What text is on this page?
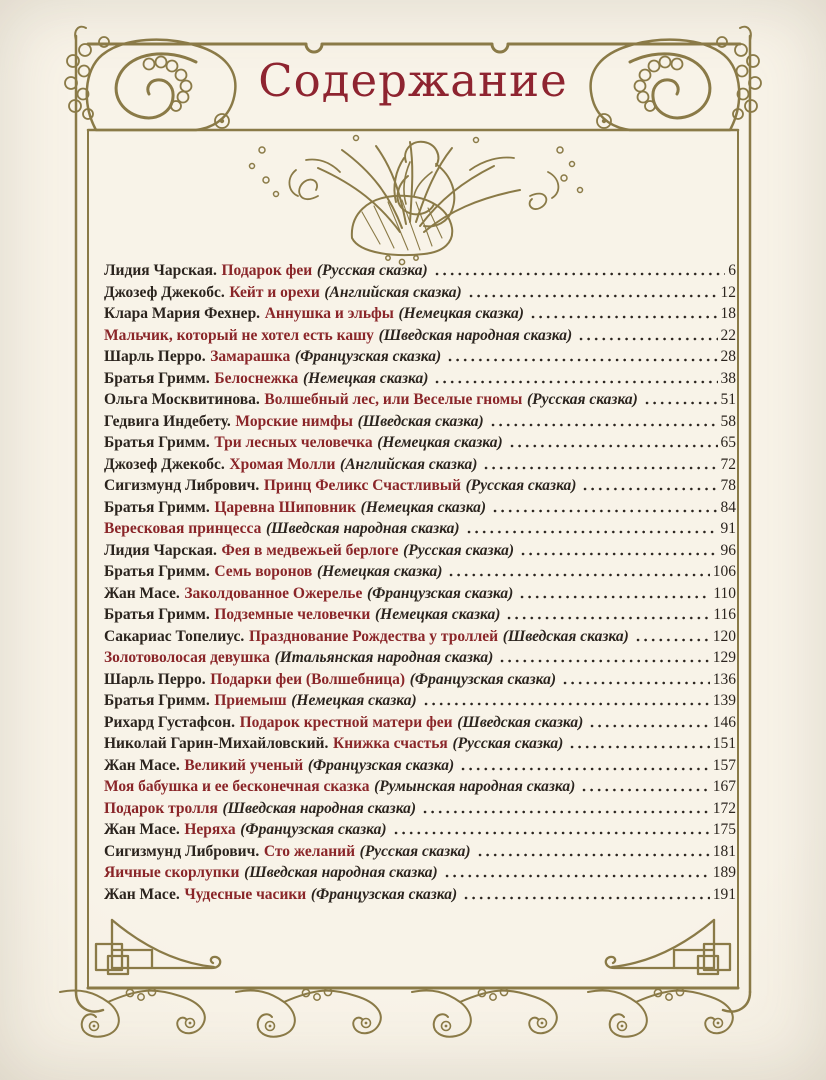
Содержание
Лидия Чарская. Подарок феи (Русская сказка)	6
Джозеф Джекобс. Кейт и орехи (Английская сказка)	12
Клара Мария Фехнер. Аннушка и эльфы (Немецкая сказка)	18
Мальчик, который не хотел есть кашу (Шведская народная сказка)	22
Шарль Перро. Замарашка (Французская сказка)	28
Братья Гримм. Белоснежка (Немецкая сказка)	38
Ольга Москвитинова. Волшебный лес, или Веселые гномы (Русская сказка)	51
Гедвига Индебету. Морские нимфы (Шведская сказка)	58
Братья Гримм. Три лесных человечка (Немецкая сказка)	65
Джозеф Джекобс. Хромая Молли (Английская сказка)	72
Сигизмунд Либрович. Принц Феликс Счастливый (Русская сказка)	78
Братья Гримм. Царевна Шиповник (Немецкая сказка)	84
Вересковая принцесса (Шведская народная сказка)	91
Лидия Чарская. Фея в медвежьей берлоге (Русская сказка)	96
Братья Гримм. Семь воронов (Немецкая сказка)	106
Жан Масе. Заколдованное Ожерелье (Французская сказка)	110
Братья Гримм. Подземные человечки (Немецкая сказка)	116
Сакариас Топелиус. Празднование Рождества у троллей (Шведская сказка)	120
Золотоволосая девушка (Итальянская народная сказка)	129
Шарль Перро. Подарки феи (Волшебница) (Французская сказка)	136
Братья Гримм. Приемыш (Немецкая сказка)	139
Рихард Густафсон. Подарок крестной матери феи (Шведская сказка)	146
Николай Гарин-Михайловский. Книжка счастья (Русская сказка)	151
Жан Масе. Великий ученый (Французская сказка)	157
Моя бабушка и ее бесконечная сказка (Румынская народная сказка)	167
Подарок тролля (Шведская народная сказка)	172
Жан Масе. Неряха (Французская сказка)	175
Сигизмунд Либрович. Сто желаний (Русская сказка)	181
Яичные скорлупки (Шведская народная сказка)	189
Жан Масе. Чудесные часики (Французская сказка)	191
